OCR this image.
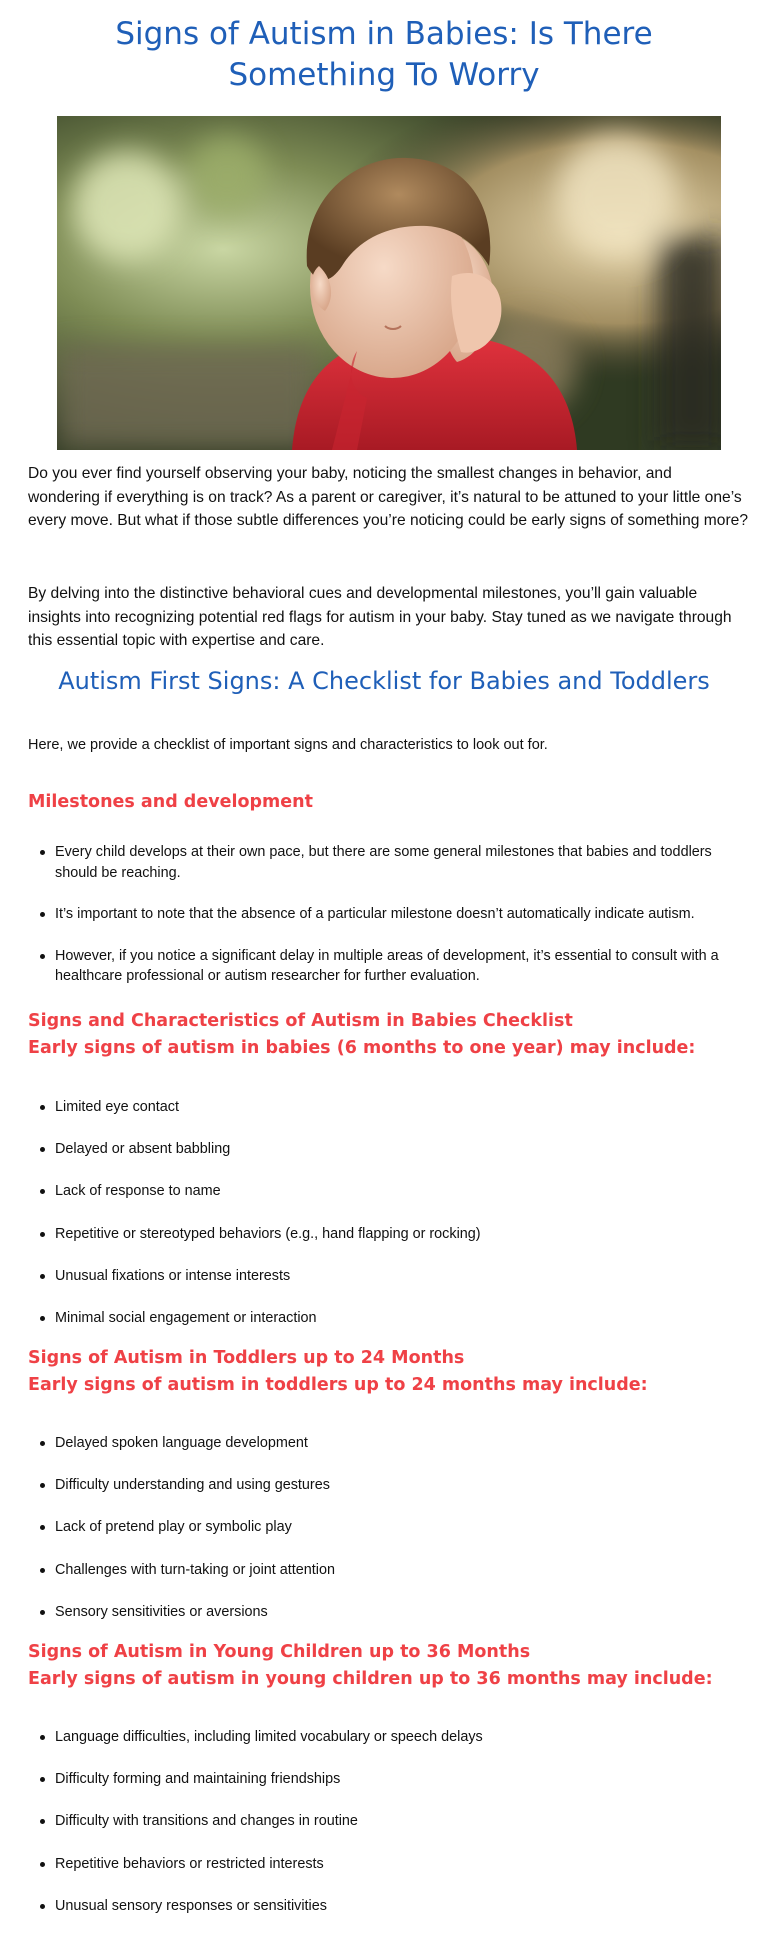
Signs of Autism in Babies: Is There Something To Worry

Do you ever find yourself observing your baby, noticing the smallest changes in behavior, and wondering if everything is on track? As a parent or caregiver, it’s natural to be attuned to your little one’s every move. But what if those subtle differences you’re noticing could be early signs of something more?

By delving into the distinctive behavioral cues and developmental milestones, you’ll gain valuable insights into recognizing potential red flags for autism in your baby. Stay tuned as we navigate through this essential topic with expertise and care.

Autism First Signs: A Checklist for Babies and Toddlers

Here, we provide a checklist of important signs and characteristics to look out for.

Milestones and development
Every child develops at their own pace, but there are some general milestones that babies and toddlers should be reaching.
It’s important to note that the absence of a particular milestone doesn’t automatically indicate autism.
However, if you notice a significant delay in multiple areas of development, it’s essential to consult with a healthcare professional or autism researcher for further evaluation.
Signs and Characteristics of Autism in Babies Checklist
Early signs of autism in babies (6 months to one year) may include:
Limited eye contact
Delayed or absent babbling
Lack of response to name
Repetitive or stereotyped behaviors (e.g., hand flapping or rocking)
Unusual fixations or intense interests
Minimal social engagement or interaction
Signs of Autism in Toddlers up to 24 Months
Early signs of autism in toddlers up to 24 months may include:
Delayed spoken language development
Difficulty understanding and using gestures
Lack of pretend play or symbolic play
Challenges with turn-taking or joint attention
Sensory sensitivities or aversions
Signs of Autism in Young Children up to 36 Months
Early signs of autism in young children up to 36 months may include:
Language difficulties, including limited vocabulary or speech delays
Difficulty forming and maintaining friendships
Difficulty with transitions and changes in routine
Repetitive behaviors or restricted interests
Unusual sensory responses or sensitivities
